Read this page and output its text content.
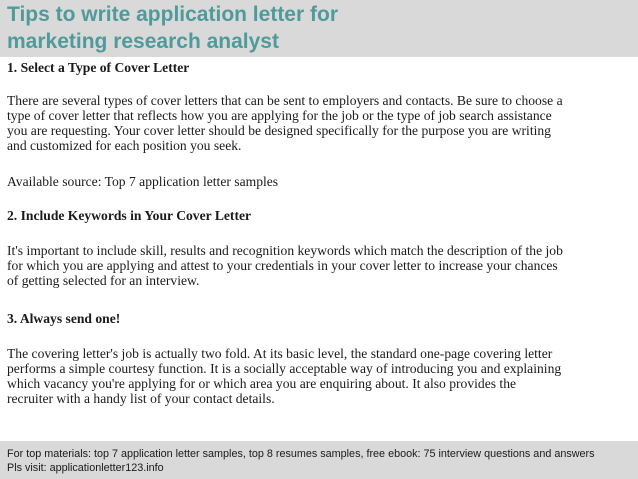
Tips to write application letter for
marketing research analyst

1. Select a Type of Cover Letter

There are several types of cover letters that can be sent to employers and contacts. Be sure to choose a

type of cover letter that reflects how you are applying for the job or the type of job search assistance

you are requesting. Your cover letter should be designed specifically for the purpose you are writing

and customized for each position you seek.

Available source: Top 7 application letter samples

2. Include Keywords in Your Cover Letter

It's important to include skill, results and recognition keywords which match the description of the job

for which you are applying and attest to your credentials in your cover letter to increase your chances

of getting selected for an interview.

3. Always send one!

The covering letter's job is actually two fold. At its basic level, the standard one-page covering letter

performs a simple courtesy function. It is a socially acceptable way of introducing you and explaining

which vacancy you're applying for or which area you are enquiring about. It also provides the

recruiter with a handy list of your contact details.

For top materials: top 7 application letter samples, top 8 resumes samples, free ebook: 75 interview questions and answers

Pls visit: applicationletter123.info
